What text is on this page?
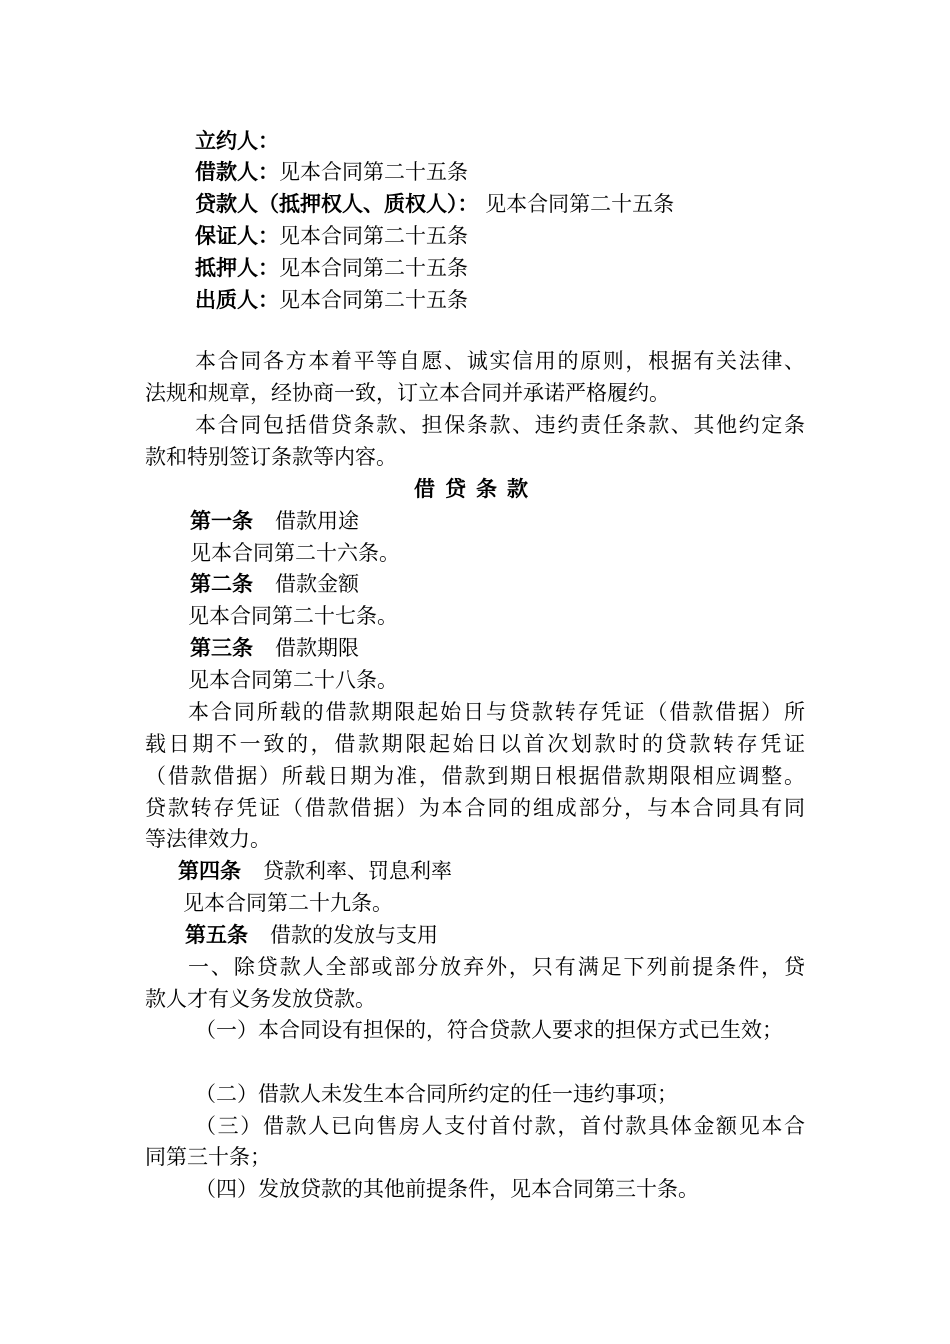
立约人：
借款人：见本合同第二十五条
贷款人（抵押权人、质权人）： 见本合同第二十五条
保证人：见本合同第二十五条
抵押人：见本合同第二十五条
出质人：见本合同第二十五条
本合同各方本着平等自愿、诚实信用的原则，根据有关法律、
法规和规章，经协商一致，订立本合同并承诺严格履约。
本合同包括借贷条款、担保条款、违约责任条款、其他约定条
款和特别签订条款等内容。
借贷条款
第一条 借款用途
见本合同第二十六条。
第二条 借款金额
见本合同第二十七条。
第三条 借款期限
见本合同第二十八条。
本合同所载的借款期限起始日与贷款转存凭证（借款借据）所
载日期不一致的，借款期限起始日以首次划款时的贷款转存凭证
（借款借据）所载日期为准，借款到期日根据借款期限相应调整。
贷款转存凭证（借款借据）为本合同的组成部分，与本合同具有同
等法律效力。
第四条 贷款利率、罚息利率
见本合同第二十九条。
第五条 借款的发放与支用
一、除贷款人全部或部分放弃外，只有满足下列前提条件，贷
款人才有义务发放贷款。
（一）本合同设有担保的，符合贷款人要求的担保方式已生效；
（二）借款人未发生本合同所约定的任一违约事项；
（三）借款人已向售房人支付首付款，首付款具体金额见本合
同第三十条；
（四）发放贷款的其他前提条件，见本合同第三十条。
